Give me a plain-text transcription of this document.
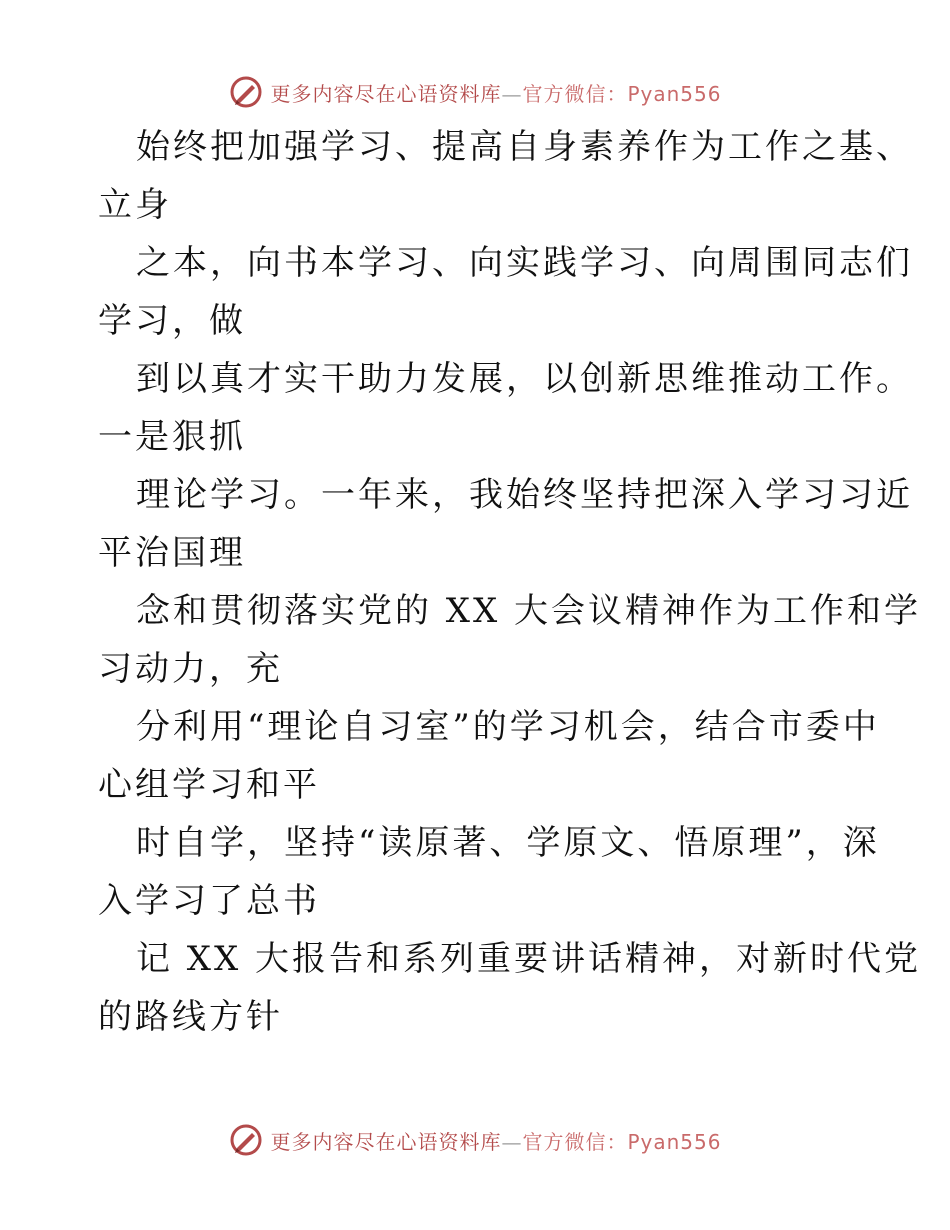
更多内容尽在心语资料库—官方微信：Pyan556
始终把加强学习、提高自身素养作为工作之基、
立身
之本，向书本学习、向实践学习、向周围同志们
学习，做
到以真才实干助力发展，以创新思维推动工作。
一是狠抓
理论学习。一年来，我始终坚持把深入学习习近
平治国理
念和贯彻落实党的 XX 大会议精神作为工作和学
习动力，充
分利用“理论自习室”的学习机会，结合市委中
心组学习和平
时自学，坚持“读原著、学原文、悟原理”，深
入学习了总书
记 XX 大报告和系列重要讲话精神，对新时代党
的路线方针
更多内容尽在心语资料库—官方微信：Pyan556
